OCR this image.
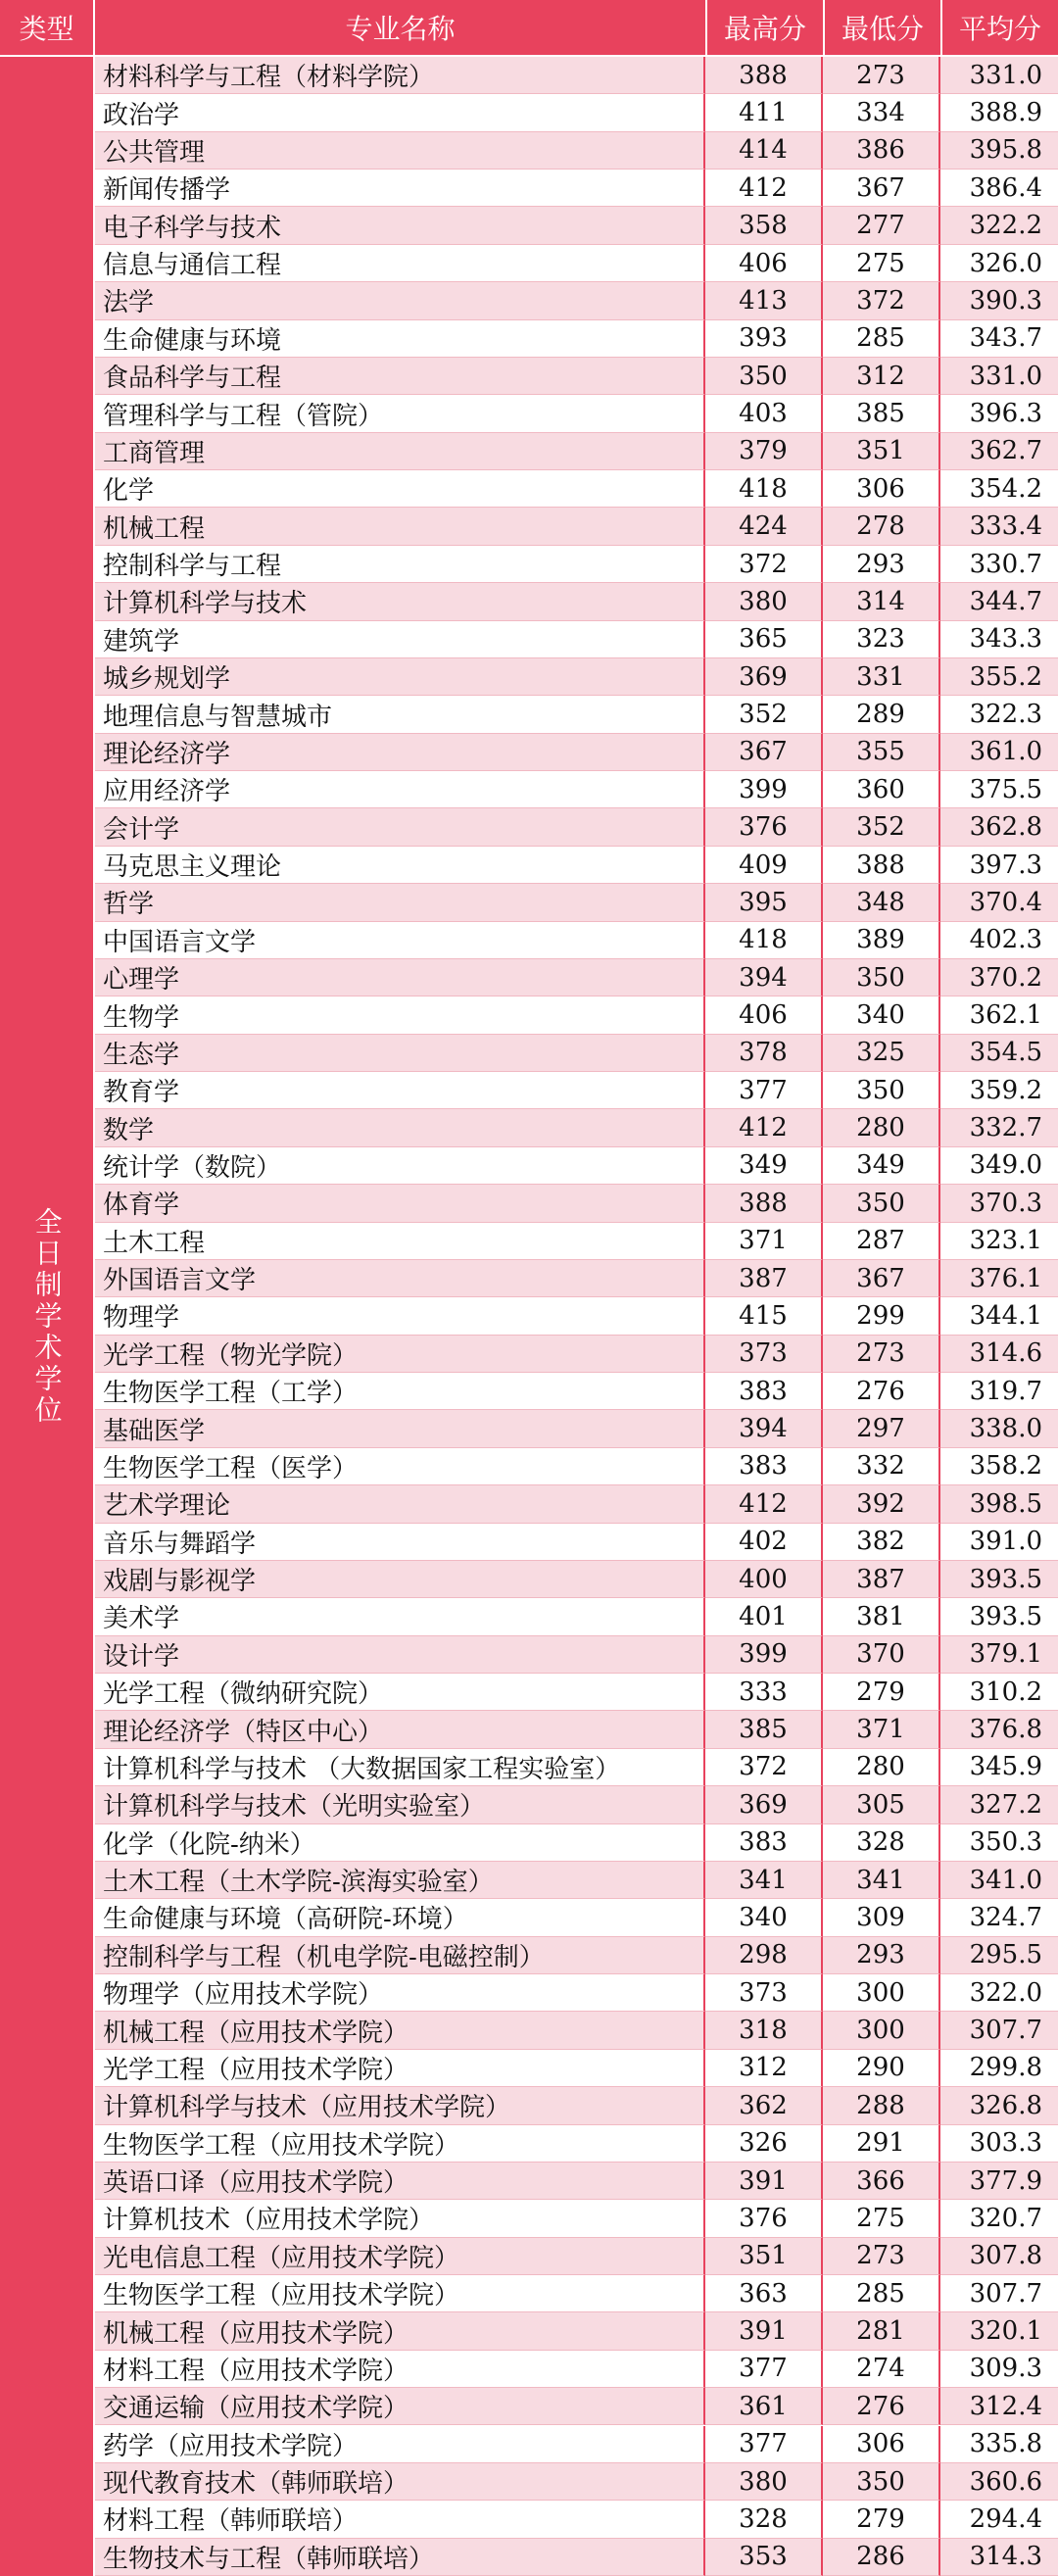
类型	专业名称	最高分	最低分	平均分
全日制学术学位
材料科学与工程（材料学院）	388	273	331.0
政治学	411	334	388.9
公共管理	414	386	395.8
新闻传播学	412	367	386.4
电子科学与技术	358	277	322.2
信息与通信工程	406	275	326.0
法学	413	372	390.3
生命健康与环境	393	285	343.7
食品科学与工程	350	312	331.0
管理科学与工程（管院）	403	385	396.3
工商管理	379	351	362.7
化学	418	306	354.2
机械工程	424	278	333.4
控制科学与工程	372	293	330.7
计算机科学与技术	380	314	344.7
建筑学	365	323	343.3
城乡规划学	369	331	355.2
地理信息与智慧城市	352	289	322.3
理论经济学	367	355	361.0
应用经济学	399	360	375.5
会计学	376	352	362.8
马克思主义理论	409	388	397.3
哲学	395	348	370.4
中国语言文学	418	389	402.3
心理学	394	350	370.2
生物学	406	340	362.1
生态学	378	325	354.5
教育学	377	350	359.2
数学	412	280	332.7
统计学（数院）	349	349	349.0
体育学	388	350	370.3
土木工程	371	287	323.1
外国语言文学	387	367	376.1
物理学	415	299	344.1
光学工程（物光学院）	373	273	314.6
生物医学工程（工学）	383	276	319.7
基础医学	394	297	338.0
生物医学工程（医学）	383	332	358.2
艺术学理论	412	392	398.5
音乐与舞蹈学	402	382	391.0
戏剧与影视学	400	387	393.5
美术学	401	381	393.5
设计学	399	370	379.1
光学工程（微纳研究院）	333	279	310.2
理论经济学（特区中心）	385	371	376.8
计算机科学与技术 （大数据国家工程实验室）	372	280	345.9
计算机科学与技术（光明实验室）	369	305	327.2
化学（化院-纳米）	383	328	350.3
土木工程（土木学院-滨海实验室）	341	341	341.0
生命健康与环境（高研院-环境）	340	309	324.7
控制科学与工程（机电学院-电磁控制）	298	293	295.5
物理学（应用技术学院）	373	300	322.0
机械工程（应用技术学院）	318	300	307.7
光学工程（应用技术学院）	312	290	299.8
计算机科学与技术（应用技术学院）	362	288	326.8
生物医学工程（应用技术学院）	326	291	303.3
英语口译（应用技术学院）	391	366	377.9
计算机技术（应用技术学院）	376	275	320.7
光电信息工程（应用技术学院）	351	273	307.8
生物医学工程（应用技术学院）	363	285	307.7
机械工程（应用技术学院）	391	281	320.1
材料工程（应用技术学院）	377	274	309.3
交通运输（应用技术学院）	361	276	312.4
药学（应用技术学院）	377	306	335.8
现代教育技术（韩师联培）	380	350	360.6
材料工程（韩师联培）	328	279	294.4
生物技术与工程（韩师联培）	353	286	314.3
